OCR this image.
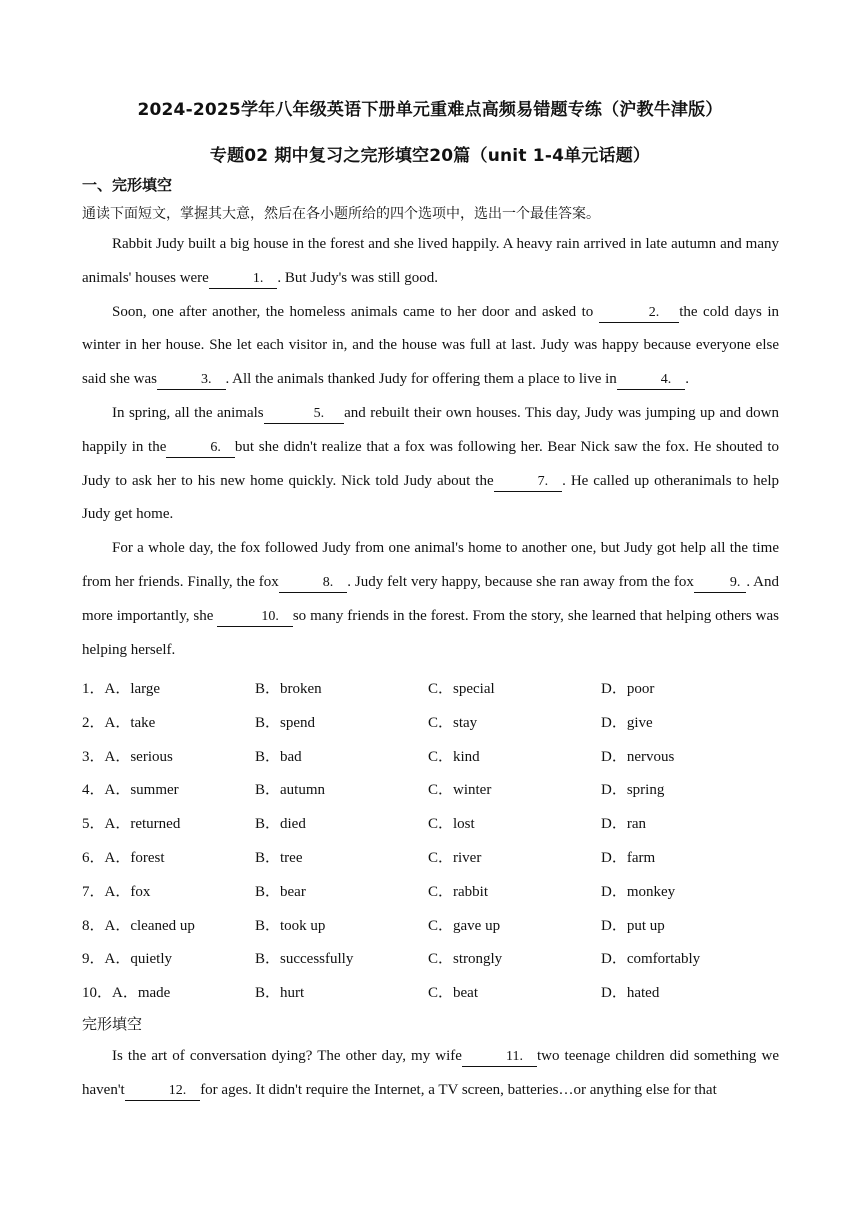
2024-2025学年八年级英语下册单元重难点高频易错题专练（沪教牛津版）
专题02 期中复习之完形填空20篇（unit 1-4单元话题）
一、完形填空
通读下面短文，掌握其大意，然后在各小题所给的四个选项中，选出一个最佳答案。

Rabbit Judy built a big house in the forest and she lived happily. A heavy rain arrived in late autumn and many animals' houses were	1. . But Judy's was still good.

Soon, one after another, the homeless animals came to her door and asked to	2. the cold days in winter in her house. She let each visitor in, and the house was full at last. Judy was happy because everyone else said she was	3. . All the animals thanked Judy for offering them a place to live in	4. .

In spring, all the animals	5. and rebuilt their own houses. This day, Judy was jumping up and down happily in the	6. but she didn't realize that a fox was following her. Bear Nick saw the fox. He shouted to Judy to ask her to his new home quickly. Nick told Judy about the	7. . He called up otheranimals to help Judy get home.

For a whole day, the fox followed Judy from one animal's home to another one, but Judy got help all the time from her friends. Finally, the fox	8. . Judy felt very happy, because she ran away from the fox	9. . And more importantly, she	10. so many friends in the forest. From the story, she learned that helping others was helping herself.

1．A．large	B．broken	C．special	D．poor
2．A．take	B．spend	C．stay	D．give
3．A．serious	B．bad	C．kind	D．nervous
4．A．summer	B．autumn	C．winter	D．spring
5．A．returned	B．died	C．lost	D．ran
6．A．forest	B．tree	C．river	D．farm
7．A．fox	B．bear	C．rabbit	D．monkey
8．A．cleaned up	B．took up	C．gave up	D．put up
9．A．quietly	B．successfully	C．strongly	D．comfortably
10．A．made	B．hurt	C．beat	D．hated
完形填空

Is the art of conversation dying? The other day, my wife	11. two teenage children did something we haven't	12. for ages. It didn't require the Internet, a TV screen, batteries…or anything else for that
